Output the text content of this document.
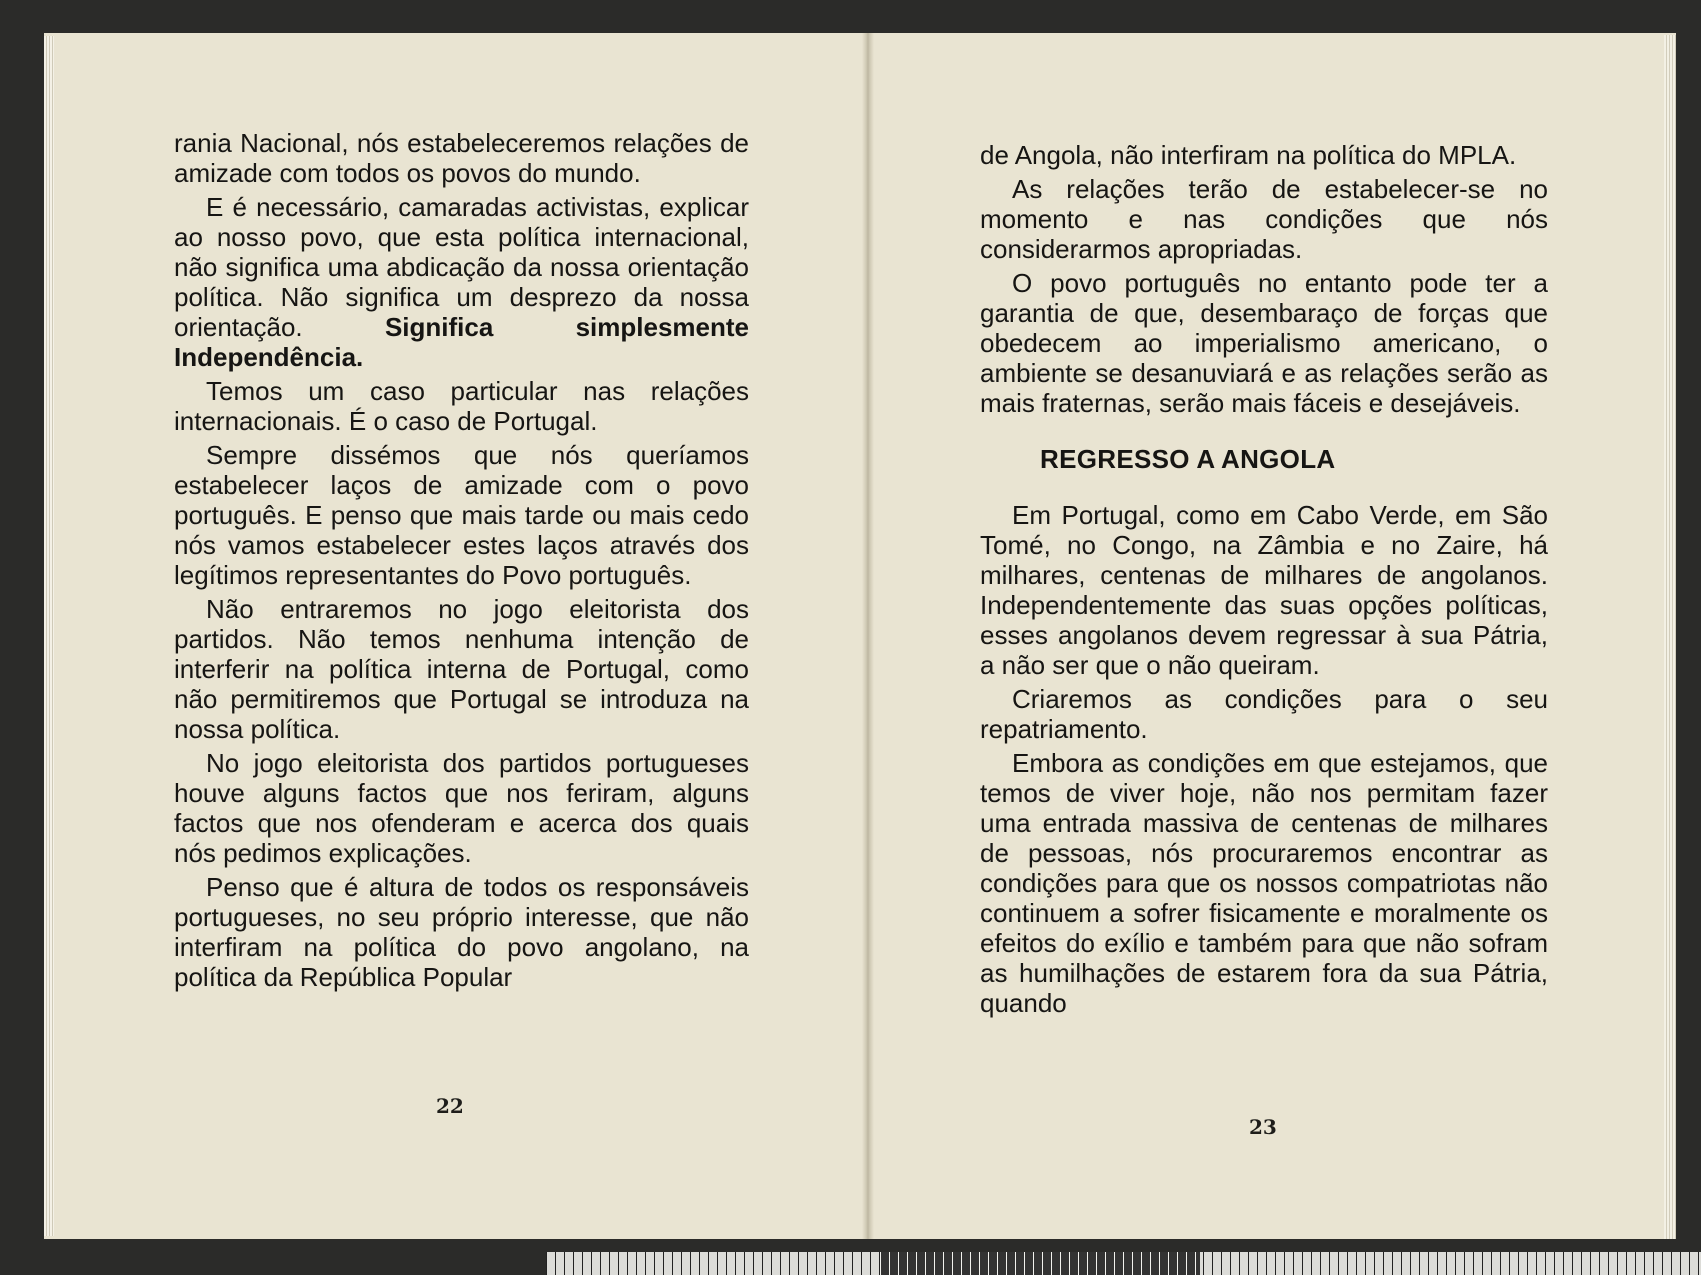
rania Nacional, nós estabeleceremos relações de amizade com todos os povos do mundo.

E é necessário, camaradas activistas, explicar ao nosso povo, que esta política internacional, não significa uma abdicação da nossa orientação política. Não significa um desprezo da nossa orientação.	Significa simplesmente Independência.

Temos um caso particular nas relações internacionais. É o caso de Portugal.

Sempre dissémos que nós queríamos estabelecer laços de amizade com o povo português. E penso que mais tarde ou mais cedo nós vamos estabelecer estes laços através dos legítimos representantes do Povo português.

Não entraremos no jogo eleitorista dos partidos. Não temos nenhuma intenção de interferir na política interna de Portugal, como não permitiremos que Portugal se introduza na nossa política.

No jogo eleitorista dos partidos portugueses houve alguns factos que nos feriram, alguns factos que nos ofenderam e acerca dos quais nós pedimos explicações.

Penso que é altura de todos os responsáveis portugueses, no seu próprio interesse, que não interfiram na política do povo angolano, na política da República Popular

22

de Angola, não interfiram na política do MPLA.

As relações terão de estabelecer-se no momento e nas condições que nós considerarmos apropriadas.

O povo português no entanto pode ter a garantia de que, desembaraço de forças que obedecem ao imperialismo americano, o ambiente se desanuviará e as relações serão as mais fraternas, serão mais fáceis e desejáveis.

REGRESSO A ANGOLA

Em Portugal, como em Cabo Verde, em São Tomé, no Congo, na Zâmbia e no Zaire, há milhares, centenas de milhares de angolanos. Independentemente das suas opções políticas, esses angolanos devem regressar à sua Pátria, a não ser que o não queiram.

Criaremos as condições para o seu repatriamento.

Embora as condições em que estejamos, que temos de viver hoje, não nos permitam fazer uma entrada massiva de centenas de milhares de pessoas, nós procuraremos encontrar as condições para que os nossos compatriotas não continuem a sofrer fisicamente e moralmente os efeitos do exílio e também para que não sofram as humilhações de estarem fora da sua Pátria, quando

23
